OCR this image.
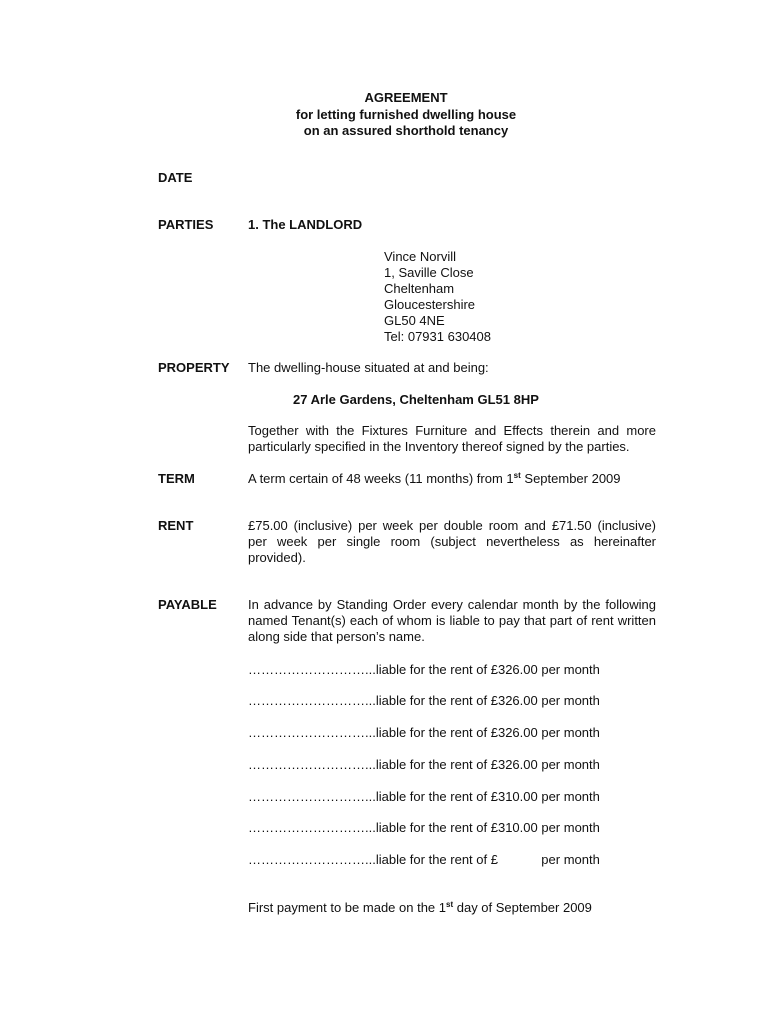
AGREEMENT
for letting furnished dwelling house
on an assured shorthold tenancy
DATE
PARTIES	1. The LANDLORD
Vince Norvill
1, Saville Close
Cheltenham
Gloucestershire
GL50 4NE
Tel: 07931 630408
PROPERTY The dwelling-house situated at and being:
27 Arle Gardens, Cheltenham GL51 8HP
Together with the Fixtures Furniture and Effects therein and more particularly specified in the Inventory thereof signed by the parties.
TERM	A term certain of 48 weeks (11 months) from 1st September 2009
RENT	£75.00 (inclusive) per week per double room and £71.50 (inclusive) per week per single room (subject nevertheless as hereinafter provided).
PAYABLE In advance by Standing Order every calendar month by the following named Tenant(s) each of whom is liable to pay that part of rent written along side that person’s name.
………………………...liable for the rent of £326.00 per month
………………………...liable for the rent of £326.00 per month
………………………...liable for the rent of £326.00 per month
………………………...liable for the rent of £326.00 per month
………………………...liable for the rent of £310.00 per month
………………………...liable for the rent of £310.00 per month
………………………...liable for the rent of £            per month
First payment to be made on the 1st day of September 2009
